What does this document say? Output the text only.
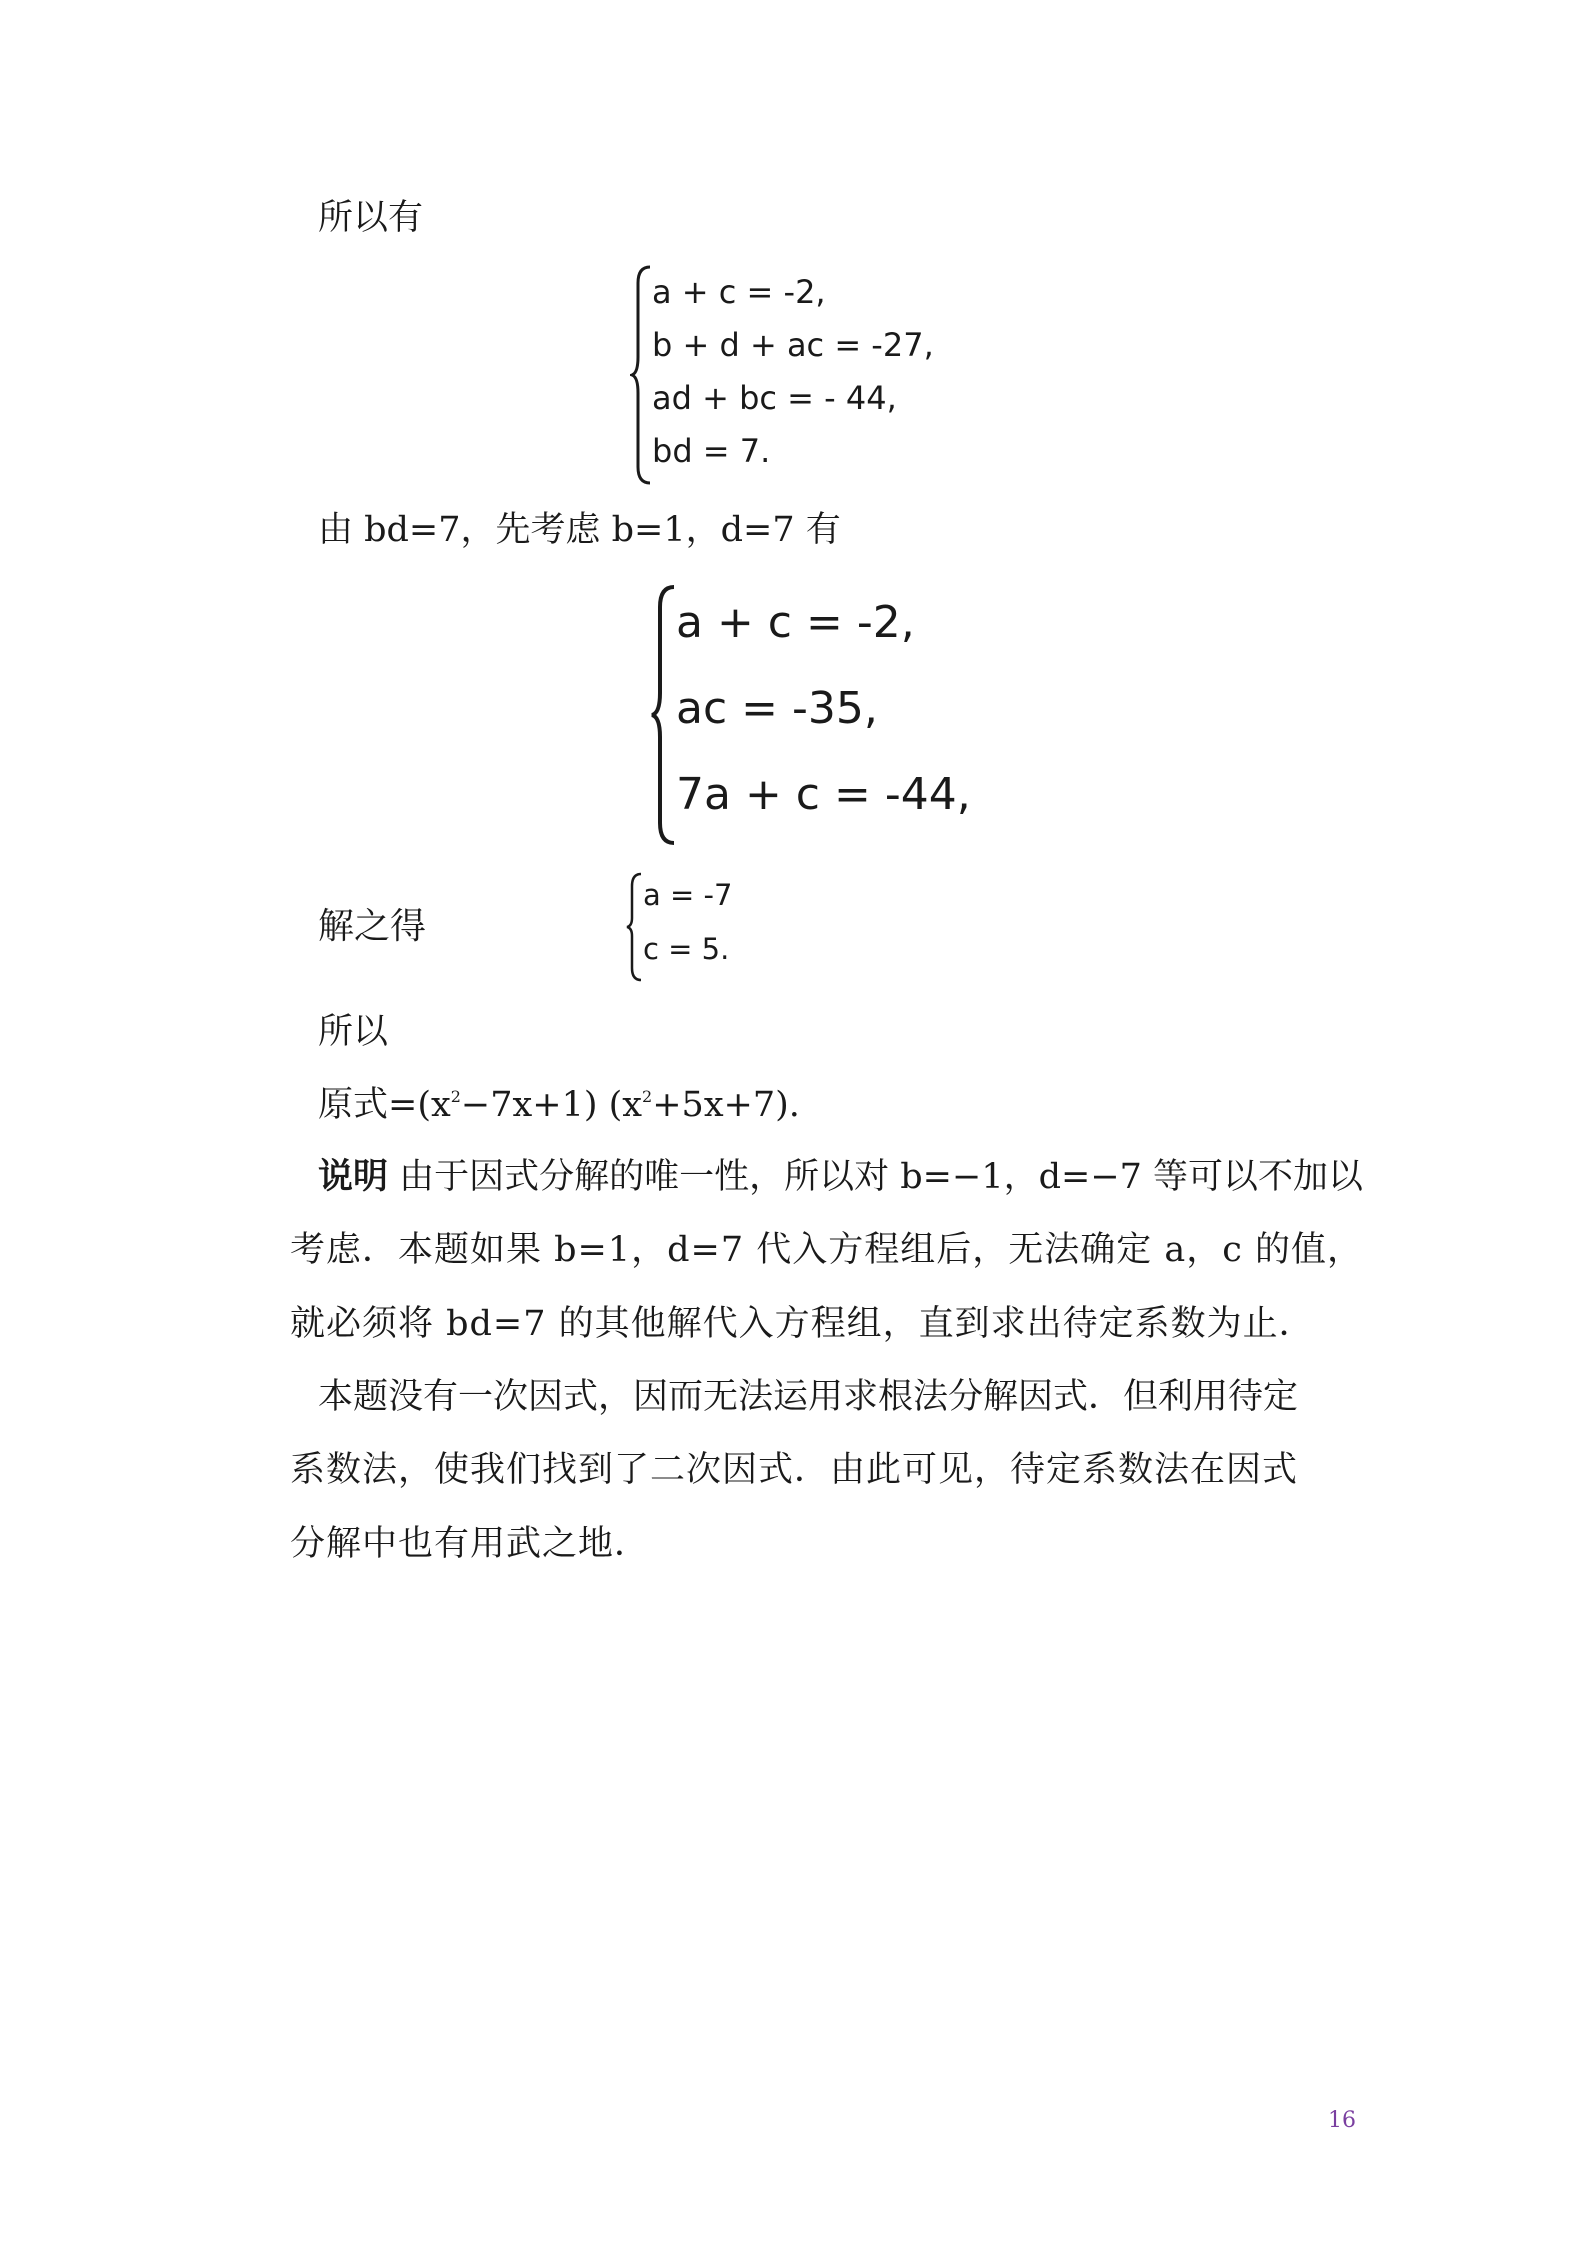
所以有
a + c = -2,
b + d + ac = -27,
ad + bc = - 44,
bd = 7.
由 bd=7，先考虑 b=1，d=7 有
a + c = -2,
ac = -35,
7a + c = -44,
解之得
a = -7
c = 5.
所以
原式$=(x^2-7x+1)$ $(x^2+5x+7)$.
说明 由于因式分解的唯一性，所以对 b=−1，d=−7 等可以不加以
考虑．本题如果 b=1，d=7 代入方程组后，无法确定 a，c 的值，
就必须将 bd=7 的其他解代入方程组，直到求出待定系数为止．
本题没有一次因式，因而无法运用求根法分解因式．但利用待定
系数法，使我们找到了二次因式．由此可见，待定系数法在因式
分解中也有用武之地．
16
